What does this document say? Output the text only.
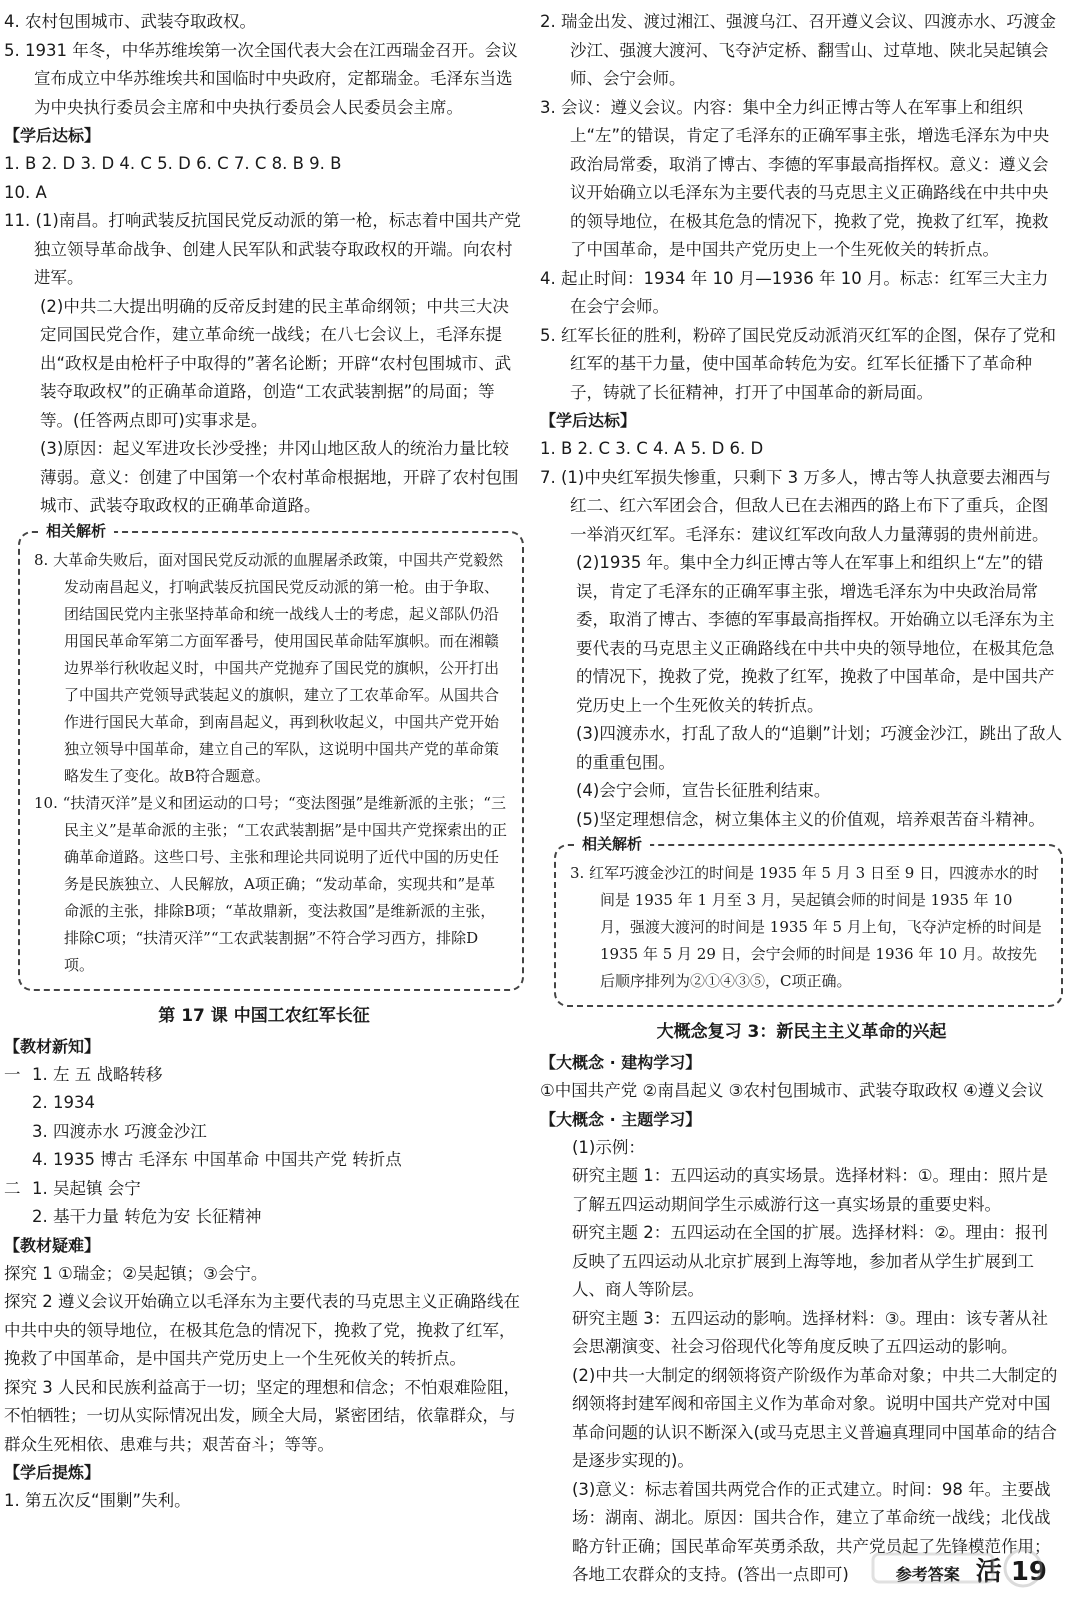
4. 农村包围城市、武装夺取政权。

5. 1931 年冬，中华苏维埃第一次全国代表大会在江西瑞金召开。会议宣布成立中华苏维埃共和国临时中央政府，定都瑞金。毛泽东当选为中央执行委员会主席和中央执行委员会人民委员会主席。

【学后达标】

1. B 2. D 3. D 4. C 5. D 6. C 7. C 8. B 9. B

10. A

11. (1)南昌。打响武装反抗国民党反动派的第一枪，标志着中国共产党独立领导革命战争、创建人民军队和武装夺取政权的开端。向农村进军。

(2)中共二大提出明确的反帝反封建的民主革命纲领；中共三大决定同国民党合作，建立革命统一战线；在八七会议上，毛泽东提出“政权是由枪杆子中取得的”著名论断；开辟“农村包围城市、武装夺取政权”的正确革命道路，创造“工农武装割据”的局面；等等。(任答两点即可)实事求是。

(3)原因：起义军进攻长沙受挫；井冈山地区敌人的统治力量比较薄弱。意义：创建了中国第一个农村革命根据地，开辟了农村包围城市、武装夺取政权的正确革命道路。

相关解析

8. 大革命失败后，面对国民党反动派的血腥屠杀政策，中国共产党毅然发动南昌起义，打响武装反抗国民党反动派的第一枪。由于争取、团结国民党内主张坚持革命和统一战线人士的考虑，起义部队仍沿用国民革命军第二方面军番号，使用国民革命陆军旗帜。而在湘赣边界举行秋收起义时，中国共产党抛弃了国民党的旗帜，公开打出了中国共产党领导武装起义的旗帜，建立了工农革命军。从国共合作进行国民大革命，到南昌起义，再到秋收起义，中国共产党开始独立领导中国革命，建立自己的军队，这说明中国共产党的革命策略发生了变化。故B符合题意。

10. “扶清灭洋”是义和团运动的口号；“变法图强”是维新派的主张；“三民主义”是革命派的主张；“工农武装割据”是中国共产党探索出的正确革命道路。这些口号、主张和理论共同说明了近代中国的历史任务是民族独立、人民解放，A项正确；“发动革命，实现共和”是革命派的主张，排除B项；“革故鼎新，变法救国”是维新派的主张，排除C项；“扶清灭洋”“工农武装割据”不符合学习西方，排除D项。

第 17 课 中国工农红军长征

【教材新知】

一 1. 左 五 战略转移
2. 1934
3. 四渡赤水 巧渡金沙江
4. 1935 博古 毛泽东 中国革命 中国共产党 转折点
二 1. 吴起镇 会宁
2. 基干力量 转危为安 长征精神

【教材疑难】

探究 1 ①瑞金；②吴起镇；③会宁。

探究 2 遵义会议开始确立以毛泽东为主要代表的马克思主义正确路线在中共中央的领导地位，在极其危急的情况下，挽救了党，挽救了红军，挽救了中国革命，是中国共产党历史上一个生死攸关的转折点。

探究 3 人民和民族利益高于一切；坚定的理想和信念；不怕艰难险阻，不怕牺牲；一切从实际情况出发，顾全大局，紧密团结，依靠群众，与群众生死相依、患难与共；艰苦奋斗；等等。

【学后提炼】

1. 第五次反“围剿”失利。

2. 瑞金出发、渡过湘江、强渡乌江、召开遵义会议、四渡赤水、巧渡金沙江、强渡大渡河、飞夺泸定桥、翻雪山、过草地、陕北吴起镇会师、会宁会师。

3. 会议：遵义会议。内容：集中全力纠正博古等人在军事上和组织上“左”的错误，肯定了毛泽东的正确军事主张，增选毛泽东为中央政治局常委，取消了博古、李德的军事最高指挥权。意义：遵义会议开始确立以毛泽东为主要代表的马克思主义正确路线在中共中央的领导地位，在极其危急的情况下，挽救了党，挽救了红军，挽救了中国革命，是中国共产党历史上一个生死攸关的转折点。

4. 起止时间：1934 年 10 月—1936 年 10 月。标志：红军三大主力在会宁会师。

5. 红军长征的胜利，粉碎了国民党反动派消灭红军的企图，保存了党和红军的基干力量，使中国革命转危为安。红军长征播下了革命种子，铸就了长征精神，打开了中国革命的新局面。

【学后达标】

1. B 2. C 3. C 4. A 5. D 6. D

7. (1)中央红军损失惨重，只剩下 3 万多人，博古等人执意要去湘西与红二、红六军团会合，但敌人已在去湘西的路上布下了重兵，企图一举消灭红军。毛泽东：建议红军改向敌人力量薄弱的贵州前进。

(2)1935 年。集中全力纠正博古等人在军事上和组织上“左”的错误，肯定了毛泽东的正确军事主张，增选毛泽东为中央政治局常委，取消了博古、李德的军事最高指挥权。开始确立以毛泽东为主要代表的马克思主义正确路线在中共中央的领导地位，在极其危急的情况下，挽救了党，挽救了红军，挽救了中国革命，是中国共产党历史上一个生死攸关的转折点。

(3)四渡赤水，打乱了敌人的“追剿”计划；巧渡金沙江，跳出了敌人的重重包围。

(4)会宁会师，宣告长征胜利结束。

(5)坚定理想信念，树立集体主义的价值观，培养艰苦奋斗精神。

相关解析

3. 红军巧渡金沙江的时间是 1935 年 5 月 3 日至 9 日，四渡赤水的时间是 1935 年 1 月至 3 月，吴起镇会师的时间是 1935 年 10 月，强渡大渡河的时间是 1935 年 5 月上旬，飞夺泸定桥的时间是 1935 年 5 月 29 日，会宁会师的时间是 1936 年 10 月。故按先后顺序排列为②①④③⑤，C项正确。

大概念复习 3：新民主主义革命的兴起

【大概念 · 建构学习】

①中国共产党 ②南昌起义 ③农村包围城市、武装夺取政权 ④遵义会议

【大概念 · 主题学习】

(1)示例：

研究主题 1：五四运动的真实场景。选择材料：①。理由：照片是了解五四运动期间学生示威游行这一真实场景的重要史料。

研究主题 2：五四运动在全国的扩展。选择材料：②。理由：报刊反映了五四运动从北京扩展到上海等地，参加者从学生扩展到工人、商人等阶层。

研究主题 3：五四运动的影响。选择材料：③。理由：该专著从社会思潮演变、社会习俗现代化等角度反映了五四运动的影响。

(2)中共一大制定的纲领将资产阶级作为革命对象；中共二大制定的纲领将封建军阀和帝国主义作为革命对象。说明中国共产党对中国革命问题的认识不断深入(或马克思主义普遍真理同中国革命的结合是逐步实现的)。

(3)意义：标志着国共两党合作的正式建立。时间：98 年。主要战场：湖南、湖北。原因：国共合作，建立了革命统一战线；北伐战略方针正确；国民革命军英勇杀敌，共产党员起了先锋模范作用；各地工农群众的支持。(答出一点即可)	参考答案 活 19
